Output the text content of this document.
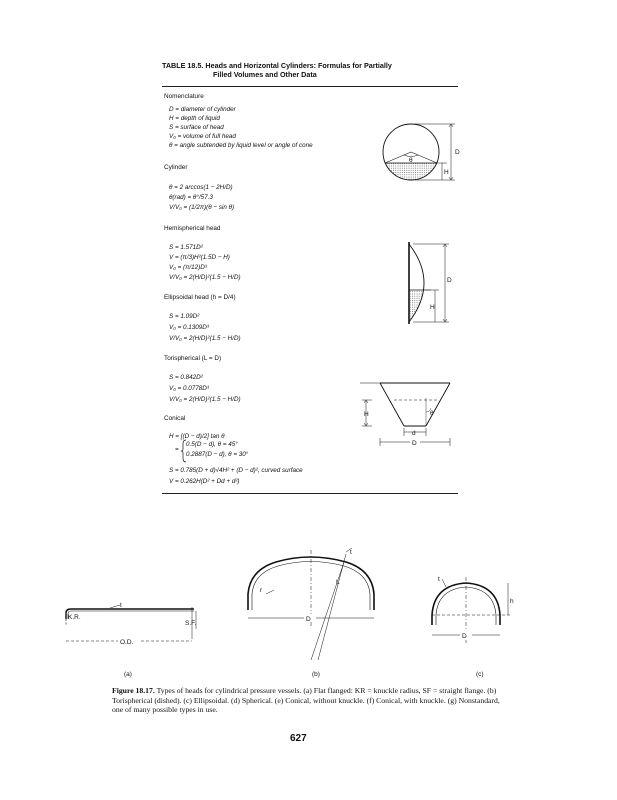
TABLE 18.5. Heads and Horizontal Cylinders: Formulas for Partially
Filled Volumes and Other Data
Nomenclature
D = diameter of cylinder
H = depth of liquid
S = surface of head
V₀ = volume of full head
θ = angle subtended by liquid level or angle of cone
Cylinder
θ = 2 arccos(1 − 2H/D)
θ(rad) = θ°/57.3
V/V₀ = (1/2π)(θ − sin θ)
Hemispherical head
S = 1.571D²
V = (π/3)H²(1.5D − H)
V₀ = (π/12)D³
V/V₀ = 2(H/D)²(1.5 − H/D)
Ellipsoidal head (h = D/4)
S = 1.09D²
V₀ = 0.1309D³
V/V₀ = 2(H/D)²(1.5 − H/D)
Torispherical (L = D)
S = 0.842D²
V₀ = 0.0778D³
V/V₀ = 2(H/D)²(1.5 − H/D)
Conical
H = [(D − d)/2] tan θ
=
0.5(D − d), θ = 45°
0.2887(D − d), θ = 30°
S = 0.785(D + d)√4H² + (D − d)², curved surface
V = 0.262H(D² + Dd + d²)
θ
D
H
D
H
H	θ
d
D
K.R.
t
S.F.
O.D.
L
r
D
t
h
t
D
(a)	(b)	(c)
Figure 18.17. Types of heads for cylindrical pressure vessels. (a) Flat flanged: KR = knuckle radius, SF = straight flange. (b) Torispherical (dished). (c) Ellipsoidal. (d) Spherical. (e) Conical, without knuckle. (f) Conical, with knuckle. (g) Nonstandard, one of many possible types in use.
627
